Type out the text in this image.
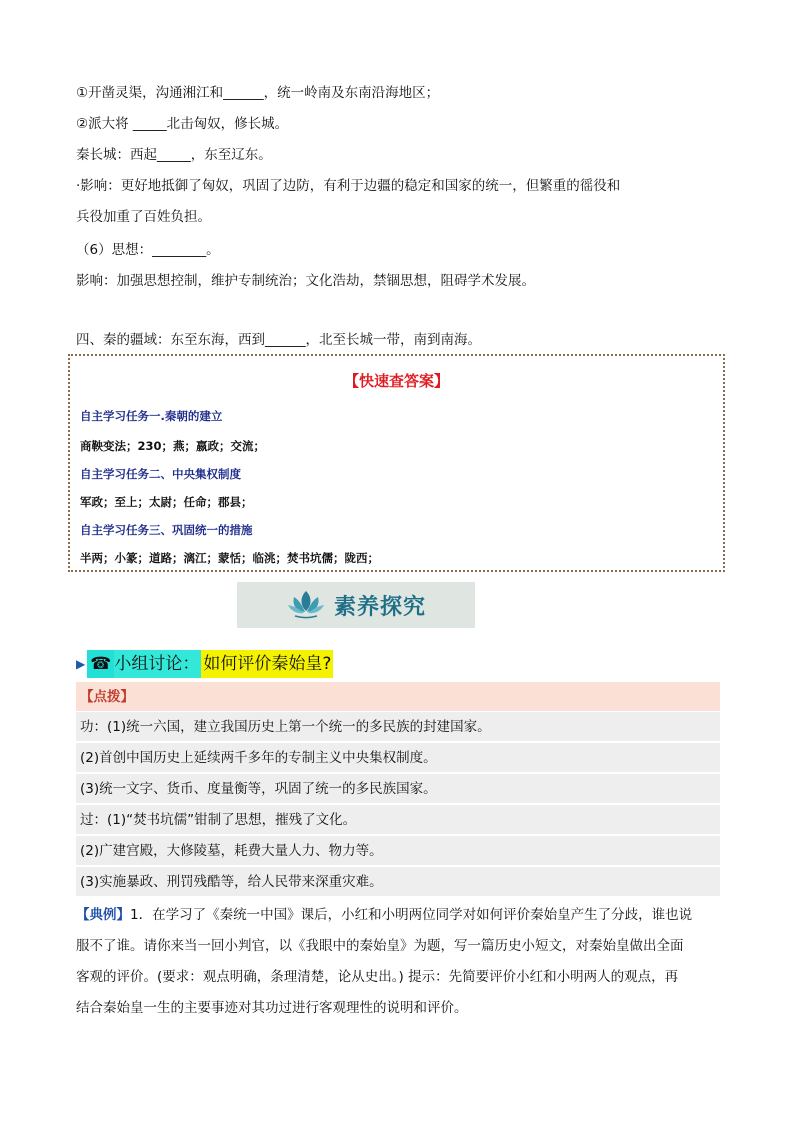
①开凿灵渠，沟通湘江和______，统一岭南及东南沿海地区；
②派大将 _____北击匈奴，修长城。
秦长城：西起_____，东至辽东。
·影响：更好地抵御了匈奴，巩固了边防，有利于边疆的稳定和国家的统一，但繁重的徭役和
兵役加重了百姓负担。
（6）思想：________。
影响：加强思想控制，维护专制统治；文化浩劫，禁锢思想，阻碍学术发展。
四、秦的疆域：东至东海，西到______，北至长城一带，南到南海。
【快速查答案】
自主学习任务一.秦朝的建立
商鞅变法；230；燕；嬴政；交流；
自主学习任务二、中央集权制度
军政；至上；太尉；任命；郡县；
自主学习任务三、巩固统一的措施
半两；小篆；道路；漓江；蒙恬；临洮；焚书坑儒；陇西；
素养探究
▶ ☎ 小组讨论： 如何评价秦始皇?
【点拨】
功：(1)统一六国，建立我国历史上第一个统一的多民族的封建国家。
(2)首创中国历史上延续两千多年的专制主义中央集权制度。
(3)统一文字、货币、度量衡等，巩固了统一的多民族国家。
过：(1)“焚书坑儒”钳制了思想，摧残了文化。
(2)广建宫殿，大修陵墓，耗费大量人力、物力等。
(3)实施暴政、刑罚残酷等，给人民带来深重灾难。
【典例】1．在学习了《秦统一中国》课后，小红和小明两位同学对如何评价秦始皇产生了分歧，谁也说
服不了谁。请你来当一回小判官，以《我眼中的秦始皇》为题，写一篇历史小短文，对秦始皇做出全面
客观的评价。(要求：观点明确，条理清楚，论从史出。) 提示：先简要评价小红和小明两人的观点，再
结合秦始皇一生的主要事迹对其功过进行客观理性的说明和评价。
